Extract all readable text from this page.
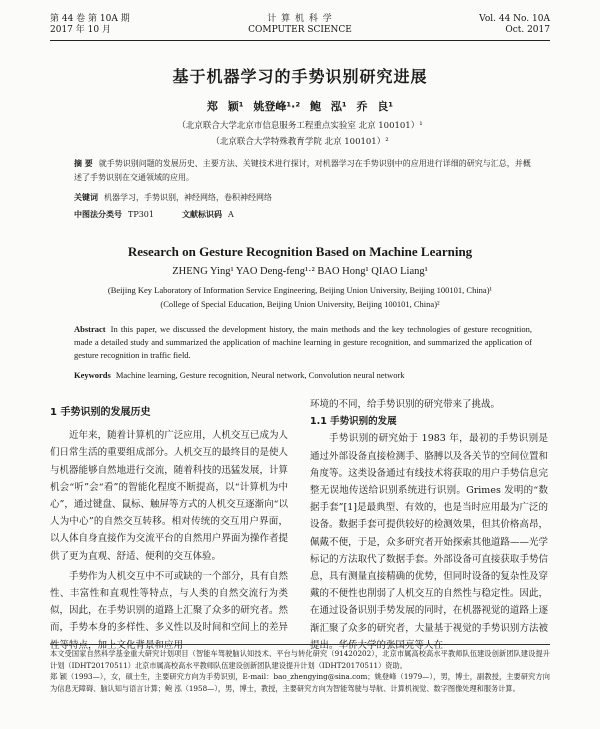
第 44 卷 第 10A 期
2017 年 10 月
计 算 机 科 学
COMPUTER SCIENCE
Vol. 44 No. 10A
Oct. 2017
基于机器学习的手势识别研究进展
郑 颖¹ 姚登峰¹·² 鲍 泓¹ 乔 良¹
（北京联合大学北京市信息服务工程重点实验室 北京 100101）¹
（北京联合大学特殊教育学院 北京 100101）²
摘 要 就手势识别问题的发展历史、主要方法、关键技术进行探讨，对机器学习在手势识别中的应用进行详细的研究与汇总，并概述了手势识别在交通领域的应用。
关键词 机器学习，手势识别，神经网络，卷积神经网络
中图法分类号 TP301	文献标识码 A
Research on Gesture Recognition Based on Machine Learning
ZHENG Ying¹ YAO Deng-feng¹·² BAO Hong¹ QIAO Liang¹
(Beijing Key Laboratory of Information Service Engineering, Beijing Union University, Beijing 100101, China)¹
(College of Special Education, Beijing Union University, Beijing 100101, China)²
Abstract In this paper, we discussed the development history, the main methods and the key technologies of gesture recognition, made a detailed study and summarized the application of machine learning in gesture recognition, and summarized the application of gesture recognition in traffic field.
Keywords Machine learning, Gesture recognition, Neural network, Convolution neural network
1 手势识别的发展历史

近年来，随着计算机的广泛应用，人机交互已成为人们日常生活的重要组成部分。人机交互的最终目的是使人与机器能够自然地进行交流，随着科技的迅猛发展，计算机会“听”会“看”的智能化程度不断提高，以“计算机为中心”，通过键盘、鼠标、触屏等方式的人机交互逐渐向“以人为中心”的自然交互转移。相对传统的交互用户界面，以人体自身直接作为交流平台的自然用户界面为操作者提供了更为直观、舒适、便利的交互体验。

手势作为人机交互中不可或缺的一个部分，具有自然性、丰富性和直观性等特点，与人类的自然交流行为类似，因此，在手势识别的道路上汇聚了众多的研究者。然而，手势本身的多样性、多义性以及时间和空间上的差异性等特点，加上文化背景和应用

环境的不同，给手势识别的研究带来了挑战。

1.1 手势识别的发展

手势识别的研究始于 1983 年，最初的手势识别是通过外部设备直接检测手、胳膊以及各关节的空间位置和角度等。这类设备通过有线技术将获取的用户手势信息完整无误地传送给识别系统进行识别。Grimes 发明的“数据手套”[1]是最典型、有效的，也是当时应用最为广泛的设备。数据手套可提供较好的检测效果，但其价格高昂，佩戴不便，于是，众多研究者开始探索其他道路——光学标记的方法取代了数据手套。外部设备可直接获取手势信息，具有测量直接精确的优势，但同时设备的复杂性及穿戴的不便性也削弱了人机交互的自然性与稳定性。因此，在通过设备识别手势发展的同时，在机器视觉的道路上逐渐汇聚了众多的研究者，大量基于视觉的手势识别方法被提出。华侨大学的张国亮等人在

本文受国家自然科学基金重大研究计划项目（智能车驾驶脑认知技术、平台与转化研究（91420202），北京市属高校高水平教师队伍建设创新团队建设提升计划（IDHT20170511）北京市属高校高水平教师队伍建设创新团队建设提升计划（IDHT20170511）资助。

郑 颖（1993—），女，硕士生，主要研究方向为手势识别，E-mail：bao_zhengying@sina.com；姚登峰（1979—），男，博士，副教授，主要研究方向为信息无障碍、脑认知与语言计算；鲍 泓（1958—），男，博士，教授，主要研究方向为智能驾驶与导航、计算机视觉、数字图像处理和服务计算。
